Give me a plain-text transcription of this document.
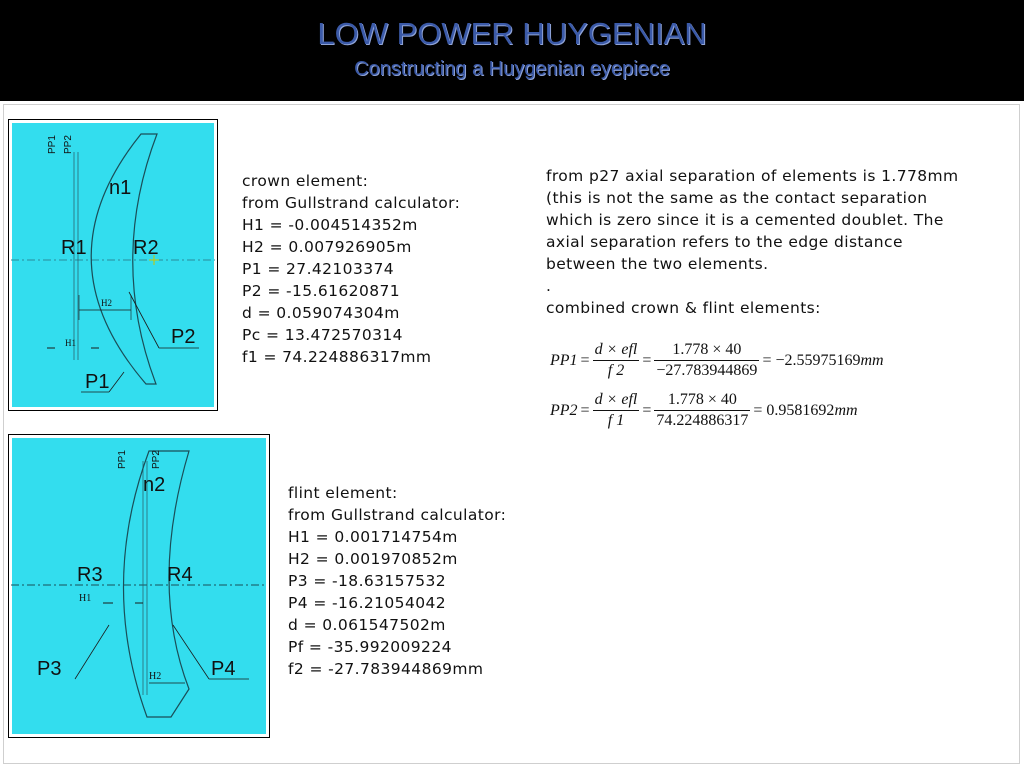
LOW POWER HUYGENIAN
Constructing a Huygenian eyepiece
PP1 PP2
n1
R1 R2
H2
H1	P2
P1
PP1 PP2
n2
R3	R4
H1
H2
P3	P4
crown element:
from Gullstrand calculator:
H1 = -0.004514352m
H2 = 0.007926905m
P1 = 27.42103374
P2 = -15.61620871
d = 0.059074304m
Pc = 13.472570314
f1 = 74.224886317mm
flint element:
from Gullstrand calculator:
H1 = 0.001714754m
H2 = 0.001970852m
P3 = -18.63157532
P4 = -16.21054042
d = 0.061547502m
Pf = -35.992009224
f2 = -27.783944869mm
from p27 axial separation of elements is 1.778mm
(this is not the same as the contact separation
which is zero since it is a cemented doublet. The
axial separation refers to the edge distance
between the two elements.
.
combined crown & flint elements:
$PP1 = \frac{\text{d × efl}}{f 2} = \frac{1.778 \times 40}{-27.783944869} = -2.55975169$ mm
$PP2 = \frac{\text{d × efl}}{f 1} = \frac{1.778 \times 40}{74.224886317} = 0.9581692$ mm
